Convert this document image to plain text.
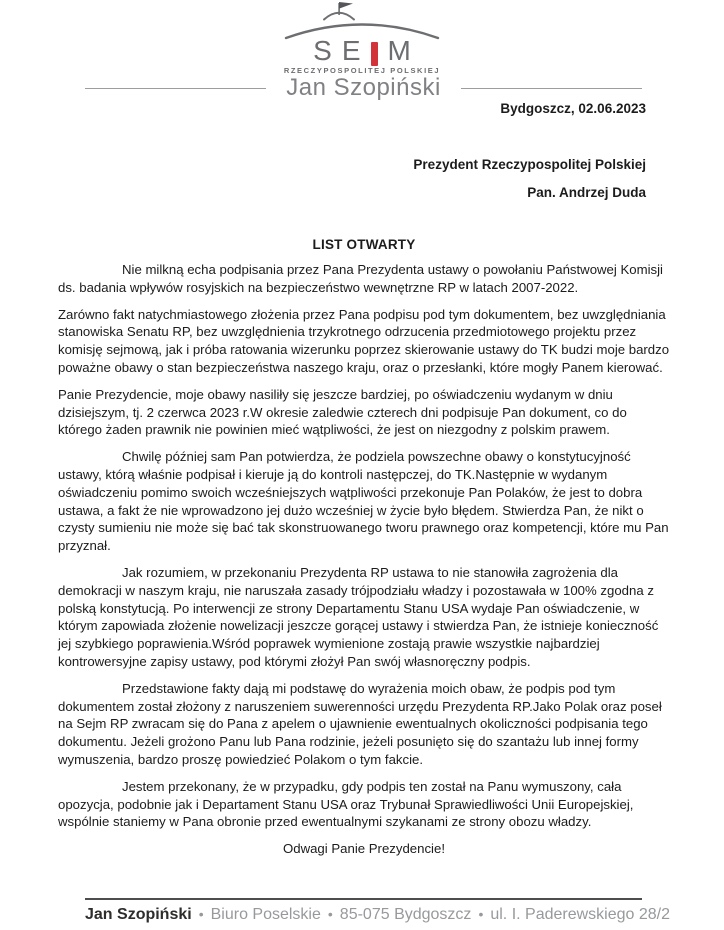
S E M
RZECZYPOSPOLITEJ POLSKIEJ
Jan Szopiński
Bydgoszcz, 02.06.2023
Prezydent Rzeczypospolitej Polskiej
Pan. Andrzej Duda
LIST OTWARTY

Nie milkną echa podpisania przez Pana Prezydenta ustawy o powołaniu Państwowej Komisji ds. badania wpływów rosyjskich na bezpieczeństwo wewnętrzne RP w latach 2007-2022.

Zarówno fakt natychmiastowego złożenia przez Pana podpisu pod tym dokumentem, bez uwzględniania stanowiska Senatu RP, bez uwzględnienia trzykrotnego odrzucenia przedmiotowego projektu przez komisję sejmową, jak i próba ratowania wizerunku poprzez skierowanie ustawy do TK budzi moje bardzo poważne obawy o stan bezpieczeństwa naszego kraju, oraz o przesłanki, które mogły Panem kierować.

Panie Prezydencie, moje obawy nasiliły się jeszcze bardziej, po oświadczeniu wydanym w dniu dzisiejszym, tj. 2 czerwca 2023 r.W okresie zaledwie czterech dni podpisuje Pan dokument, co do którego żaden prawnik nie powinien mieć wątpliwości, że jest on niezgodny z polskim prawem.

Chwilę później sam Pan potwierdza, że podziela powszechne obawy o konstytucyjność ustawy, którą właśnie podpisał i kieruje ją do kontroli następczej, do TK.Następnie w wydanym oświadczeniu pomimo swoich wcześniejszych wątpliwości przekonuje Pan Polaków, że jest to dobra ustawa, a fakt że nie wprowadzono jej dużo wcześniej w życie było błędem. Stwierdza Pan, że nikt o czysty sumieniu nie może się bać tak skonstruowanego tworu prawnego oraz kompetencji, które mu Pan przyznał.

Jak rozumiem, w przekonaniu Prezydenta RP ustawa to nie stanowiła zagrożenia dla demokracji w naszym kraju, nie naruszała zasady trójpodziału władzy i pozostawała w 100% zgodna z polską konstytucją. Po interwencji ze strony Departamentu Stanu USA wydaje Pan oświadczenie, w którym zapowiada złożenie nowelizacji jeszcze gorącej ustawy i stwierdza Pan, że istnieje konieczność jej szybkiego poprawienia.Wśród poprawek wymienione zostają prawie wszystkie najbardziej kontrowersyjne zapisy ustawy, pod którymi złożył Pan swój własnoręczny podpis.

Przedstawione fakty dają mi podstawę do wyrażenia moich obaw, że podpis pod tym dokumentem został złożony z naruszeniem suwerenności urzędu Prezydenta RP.Jako Polak oraz poseł na Sejm RP zwracam się do Pana z apelem o ujawnienie ewentualnych okoliczności podpisania tego dokumentu. Jeżeli grożono Panu lub Pana rodzinie, jeżeli posunięto się do szantażu lub innej formy wymuszenia, bardzo proszę powiedzieć Polakom o tym fakcie.

Jestem przekonany, że w przypadku, gdy podpis ten został na Panu wymuszony, cała opozycja, podobnie jak i Departament Stanu USA oraz Trybunał Sprawiedliwości Unii Europejskiej, wspólnie staniemy w Pana obronie przed ewentualnymi szykanami ze strony obozu władzy.

Odwagi Panie Prezydencie!

Jan Szopiński • Biuro Poselskie • 85-075 Bydgoszcz • ul. I. Paderewskiego 28/2
